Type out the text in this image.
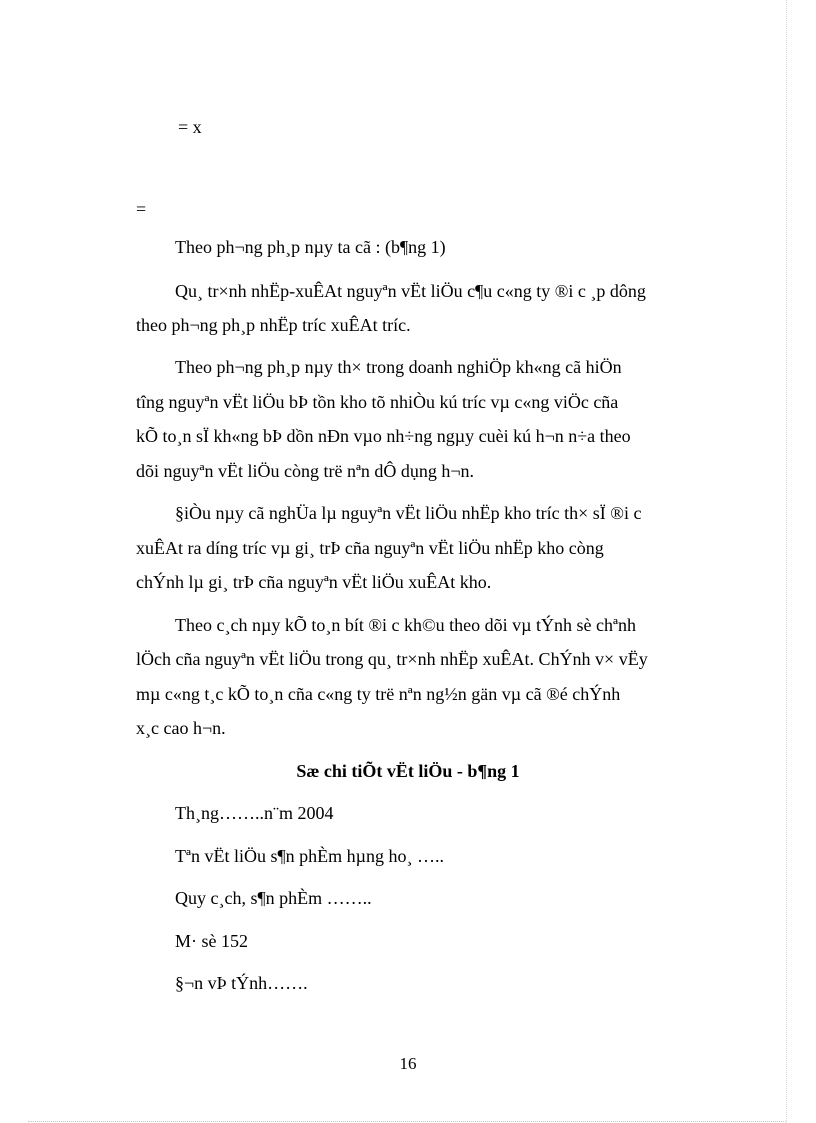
= x
=
Theo ph¬ng ph¸p nµy ta cã : (b¶ng 1)
Qu¸ tr×nh nhËp-xuÊAt nguyªn vËt liÖu c¶u c«ng ty ®i c ¸p dông
theo ph¬ng ph¸p nhËp tríc xuÊAt tríc.
Theo ph¬ng ph¸p nµy th× trong doanh nghiÖp kh«ng cã hiÖn
tîng nguyªn vËt liÖu bÞ tồn kho tõ nhiÒu kú tríc vµ c«ng viÖc cña
kÕ to¸n sÏ kh«ng bÞ dồn nÐn vµo nh÷ng ngµy cuèi kú h¬n n÷a theo
dõi nguyªn vËt liÖu còng trë nªn dÔ dụng h¬n.
§iÒu nµy cã nghÜa lµ nguyªn vËt liÖu nhËp kho tríc th× sÏ ®i c
xuÊAt ra díng tríc vµ gi¸ trÞ cña nguyªn vËt liÖu nhËp kho còng
chÝnh lµ gi¸ trÞ cña nguyªn vËt liÖu xuÊAt kho.
Theo c¸ch nµy kÕ to¸n bít ®i c kh©u theo dõi vµ tÝnh sè chªnh
lÖch cña nguyªn vËt liÖu trong qu¸ tr×nh nhËp xuÊAt. ChÝnh v× vËy
mµ c«ng t¸c kÕ to¸n cña c«ng ty trë nªn ng½n gän vµ cã ®é chÝnh
x¸c cao h¬n.
Sæ chi tiÕt vËt liÖu - b¶ng 1
Th¸ng……..n¨m 2004
Tªn vËt liÖu s¶n phÈm hµng ho¸ …..
Quy c¸ch, s¶n phÈm ……..
M· sè 152
§¬n vÞ tÝnh…….
16
